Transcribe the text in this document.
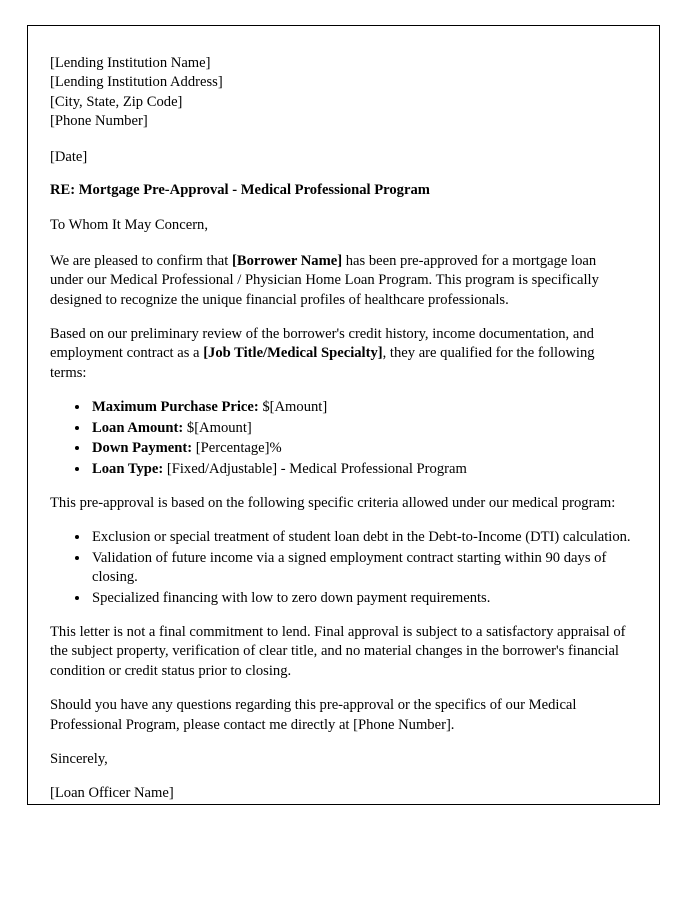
[Lending Institution Name]
[Lending Institution Address]
[City, State, Zip Code]
[Phone Number]
[Date]
RE: Mortgage Pre-Approval - Medical Professional Program
To Whom It May Concern,

We are pleased to confirm that [Borrower Name] has been pre-approved for a mortgage loan under our Medical Professional / Physician Home Loan Program. This program is specifically designed to recognize the unique financial profiles of healthcare professionals.

Based on our preliminary review of the borrower's credit history, income documentation, and employment contract as a [Job Title/Medical Specialty], they are qualified for the following terms:

• Maximum Purchase Price: $[Amount]
• Loan Amount: $[Amount]
• Down Payment: [Percentage]%
• Loan Type: [Fixed/Adjustable] - Medical Professional Program

This pre-approval is based on the following specific criteria allowed under our medical program:

• Exclusion or special treatment of student loan debt in the Debt-to-Income (DTI) calculation.
• Validation of future income via a signed employment contract starting within 90 days of closing.
• Specialized financing with low to zero down payment requirements.

This letter is not a final commitment to lend. Final approval is subject to a satisfactory appraisal of the subject property, verification of clear title, and no material changes in the borrower's financial condition or credit status prior to closing.

Should you have any questions regarding this pre-approval or the specifics of our Medical Professional Program, please contact me directly at [Phone Number].

Sincerely,
[Loan Officer Name]
